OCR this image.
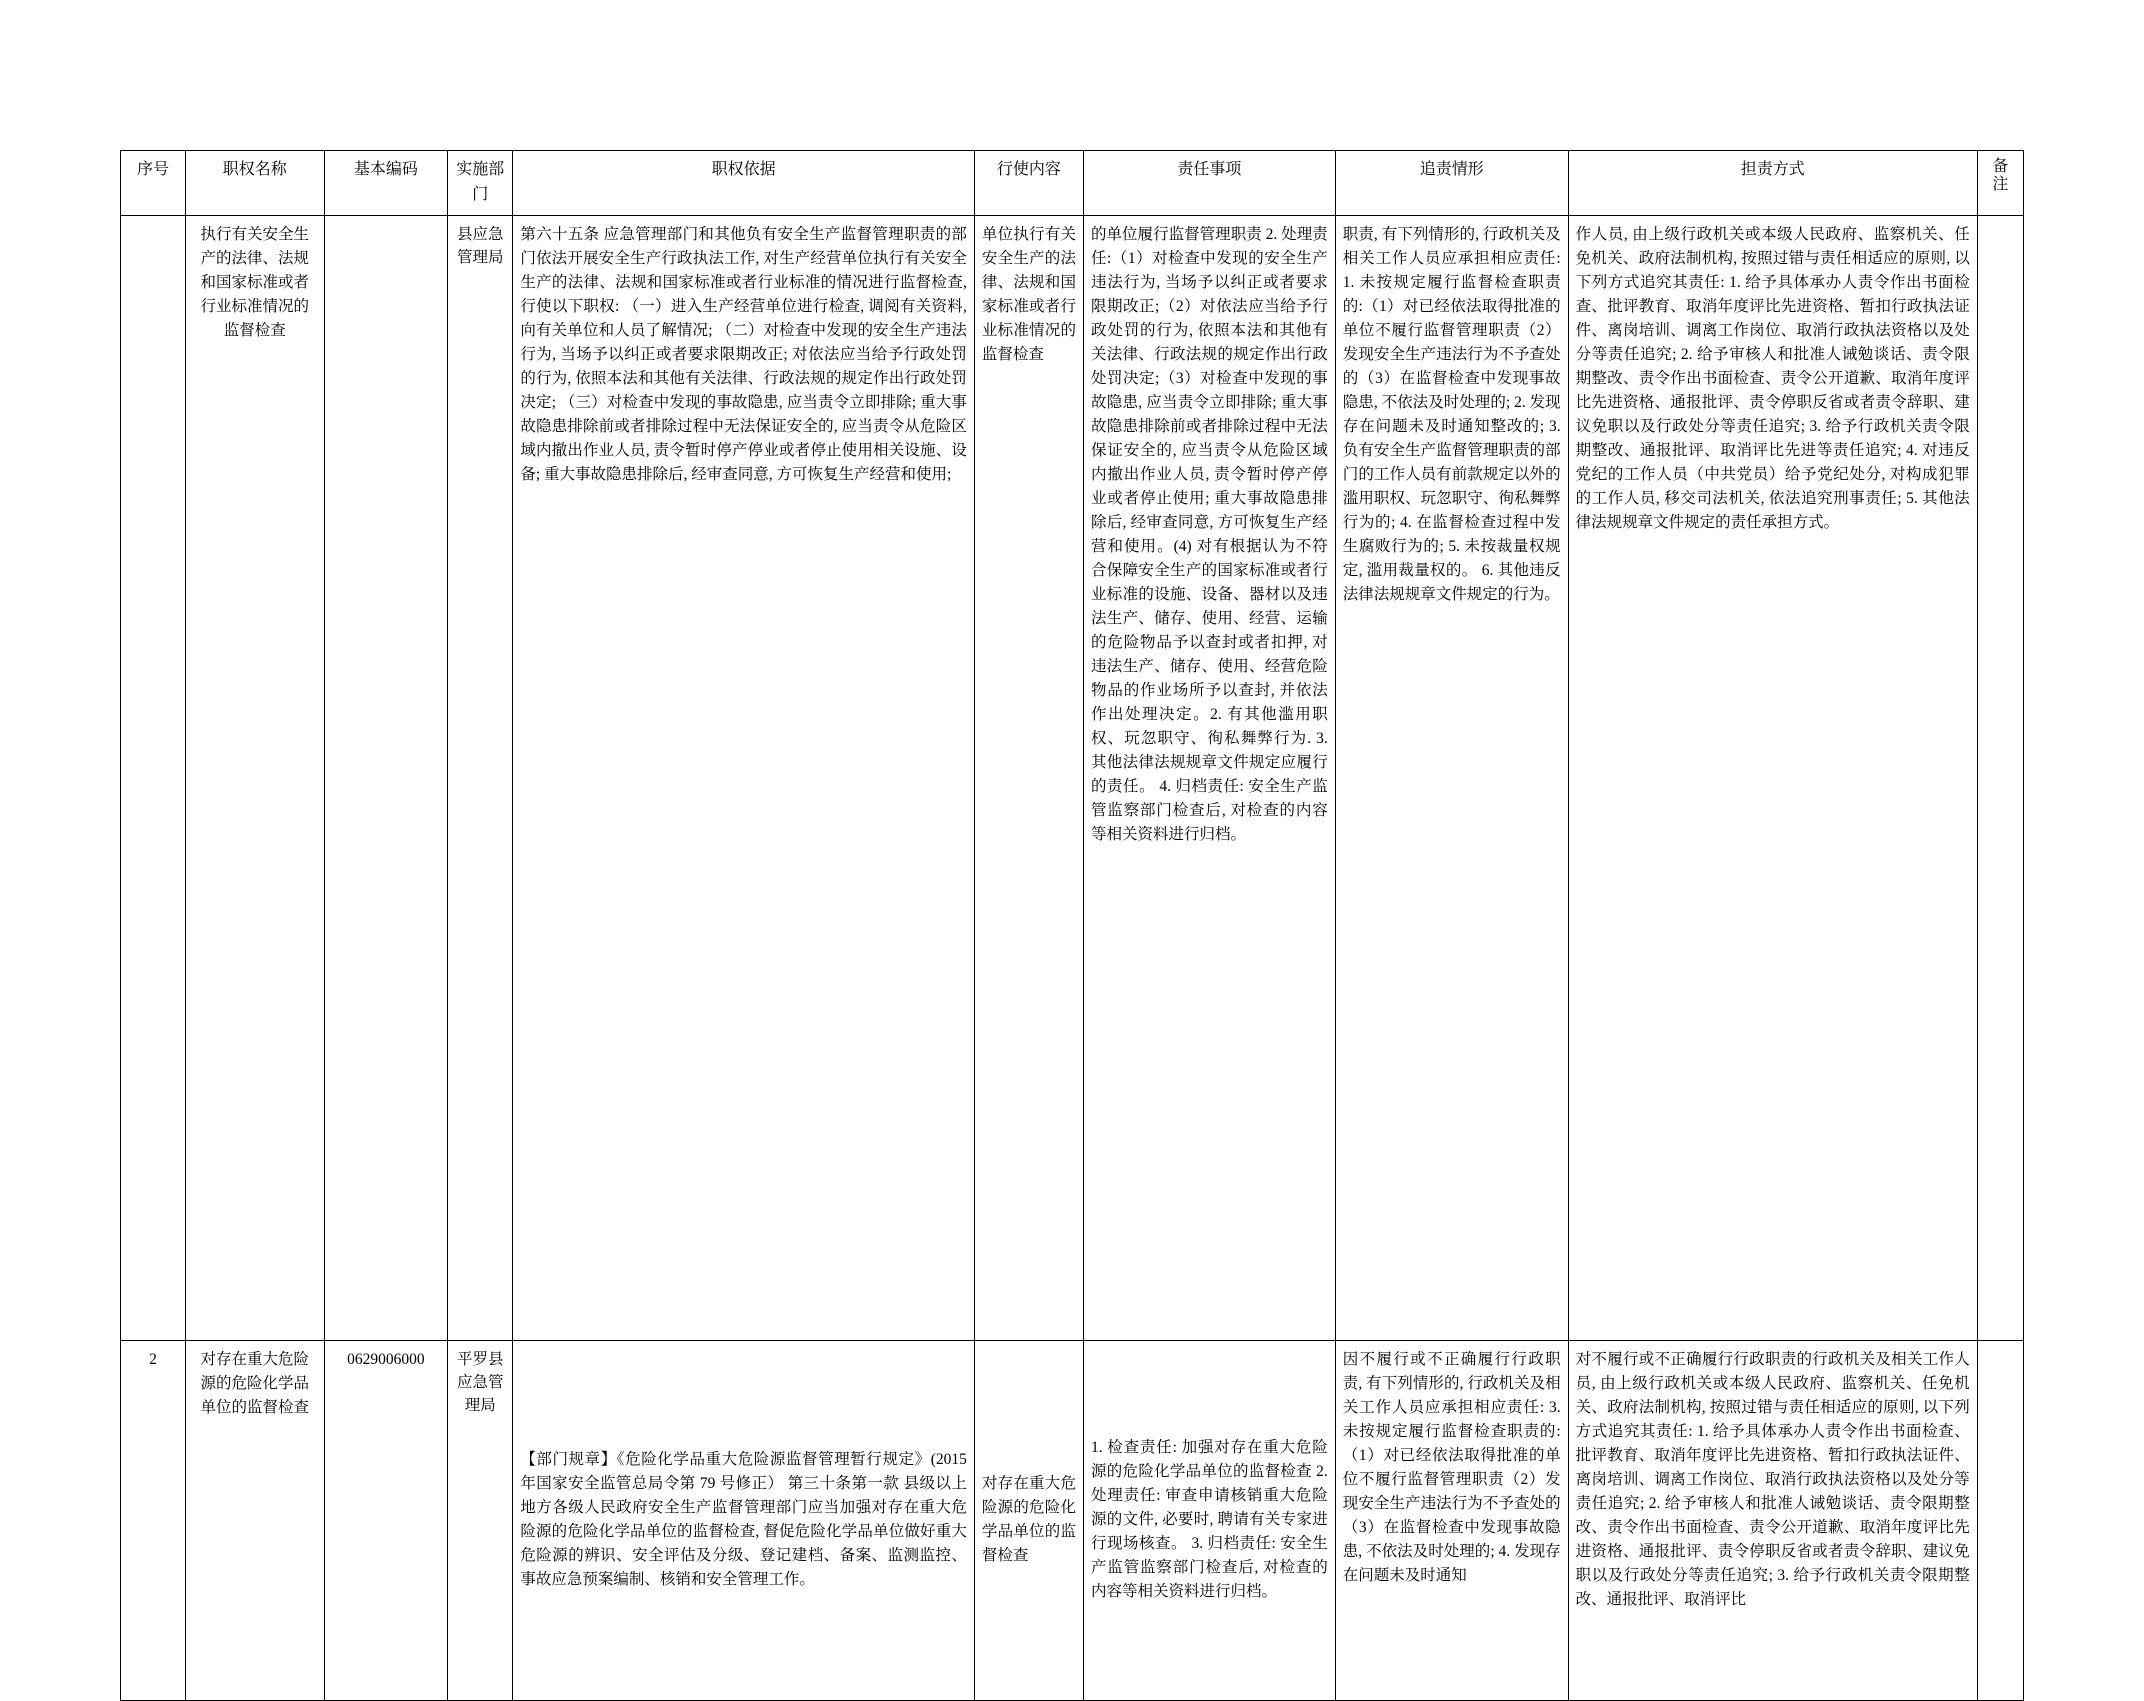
序号	职权名称	基本编码	实施部门	职权依据	行使内容	责任事项	追责情形	担责方式	备注
	执行有关安全生产的法律、法规和国家标准或者行业标准情况的监督检查		县应急管理局	第六十五条 应急管理部门和其他负有安全生产监督管理职责的部门依法开展安全生产行政执法工作, 对生产经营单位执行有关安全生产的法律、法规和国家标准或者行业标准的情况进行监督检查, 行使以下职权: （一）进入生产经营单位进行检查, 调阅有关资料, 向有关单位和人员了解情况; （二）对检查中发现的安全生产违法行为, 当场予以纠正或者要求限期改正; 对依法应当给予行政处罚的行为, 依照本法和其他有关法律、行政法规的规定作出行政处罚决定; （三）对检查中发现的事故隐患, 应当责令立即排除; 重大事故隐患排除前或者排除过程中无法保证安全的, 应当责令从危险区域内撤出作业人员, 责令暂时停产停业或者停止使用相关设施、设备; 重大事故隐患排除后, 经审查同意, 方可恢复生产经营和使用;	单位执行有关安全生产的法律、法规和国家标准或者行业标准情况的监督检查	的单位履行监督管理职责 2. 处理责任:（1）对检查中发现的安全生产违法行为, 当场予以纠正或者要求限期改正;（2）对依法应当给予行政处罚的行为, 依照本法和其他有关法律、行政法规的规定作出行政处罚决定;（3）对检查中发现的事故隐患, 应当责令立即排除; 重大事故隐患排除前或者排除过程中无法保证安全的, 应当责令从危险区域内撤出作业人员, 责令暂时停产停业或者停止使用; 重大事故隐患排除后, 经审查同意, 方可恢复生产经营和使用。(4) 对有根据认为不符合保障安全生产的国家标准或者行业标准的设施、设备、器材以及违法生产、储存、使用、经营、运输的危险物品予以查封或者扣押, 对违法生产、储存、使用、经营危险物品的作业场所予以查封, 并依法作出处理决定。2. 有其他滥用职权、玩忽职守、徇私舞弊行为. 3. 其他法律法规规章文件规定应履行的责任。 4. 归档责任: 安全生产监管监察部门检查后, 对检查的内容等相关资料进行归档。	职责, 有下列情形的, 行政机关及相关工作人员应承担相应责任: 1. 未按规定履行监督检查职责的:（1）对已经依法取得批准的单位不履行监督管理职责（2）发现安全生产违法行为不予查处的（3）在监督检查中发现事故隐患, 不依法及时处理的; 2. 发现存在问题未及时通知整改的; 3. 负有安全生产监督管理职责的部门的工作人员有前款规定以外的滥用职权、玩忽职守、徇私舞弊行为的; 4. 在监督检查过程中发生腐败行为的; 5. 未按裁量权规定, 滥用裁量权的。 6. 其他违反法律法规规章文件规定的行为。	作人员, 由上级行政机关或本级人民政府、监察机关、任免机关、政府法制机构, 按照过错与责任相适应的原则, 以下列方式追究其责任: 1. 给予具体承办人责令作出书面检查、批评教育、取消年度评比先进资格、暂扣行政执法证件、离岗培训、调离工作岗位、取消行政执法资格以及处分等责任追究; 2. 给予审核人和批准人诫勉谈话、责令限期整改、责令作出书面检查、责令公开道歉、取消年度评比先进资格、通报批评、责令停职反省或者责令辞职、建议免职以及行政处分等责任追究; 3. 给予行政机关责令限期整改、通报批评、取消评比先进等责任追究; 4. 对违反党纪的工作人员（中共党员）给予党纪处分, 对构成犯罪的工作人员, 移交司法机关, 依法追究刑事责任; 5. 其他法律法规规章文件规定的责任承担方式。	
2	对存在重大危险源的危险化学品单位的监督检查	0629006000	平罗县应急管理局	【部门规章】《危险化学品重大危险源监督管理暂行规定》(2015年国家安全监管总局令第 79 号修正） 第三十条第一款 县级以上地方各级人民政府安全生产监督管理部门应当加强对存在重大危险源的危险化学品单位的监督检查, 督促危险化学品单位做好重大危险源的辨识、安全评估及分级、登记建档、备案、监测监控、事故应急预案编制、核销和安全管理工作。	对存在重大危险源的危险化学品单位的监督检查	1. 检查责任: 加强对存在重大危险源的危险化学品单位的监督检查 2. 处理责任: 审查申请核销重大危险源的文件, 必要时, 聘请有关专家进行现场核查。 3. 归档责任: 安全生产监管监察部门检查后, 对检查的内容等相关资料进行归档。	因不履行或不正确履行行政职责, 有下列情形的, 行政机关及相关工作人员应承担相应责任: 3. 未按规定履行监督检查职责的:（1）对已经依法取得批准的单位不履行监督管理职责（2）发现安全生产违法行为不予查处的（3）在监督检查中发现事故隐患, 不依法及时处理的; 4. 发现存在问题未及时通知	对不履行或不正确履行行政职责的行政机关及相关工作人员, 由上级行政机关或本级人民政府、监察机关、任免机关、政府法制机构, 按照过错与责任相适应的原则, 以下列方式追究其责任: 1. 给予具体承办人责令作出书面检查、批评教育、取消年度评比先进资格、暂扣行政执法证件、离岗培训、调离工作岗位、取消行政执法资格以及处分等责任追究; 2. 给予审核人和批准人诫勉谈话、责令限期整改、责令作出书面检查、责令公开道歉、取消年度评比先进资格、通报批评、责令停职反省或者责令辞职、建议免职以及行政处分等责任追究; 3. 给予行政机关责令限期整改、通报批评、取消评比	
